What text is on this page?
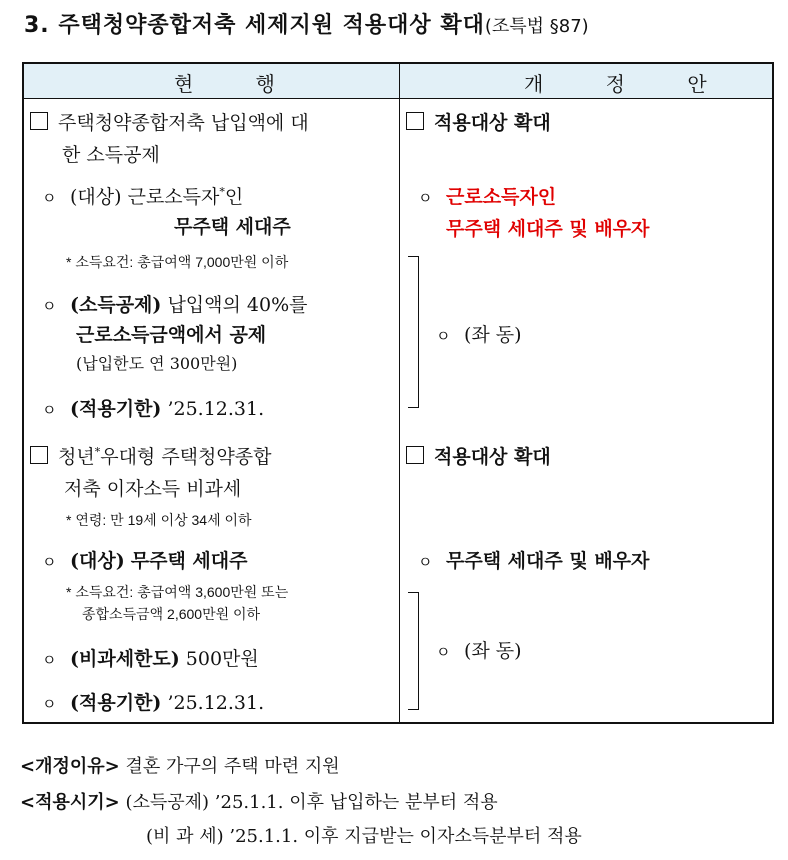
3. 주택청약종합저축 세제지원 적용대상 확대(조특법 §87)
현 행	개 정 안
주택청약종합저축 납입액에 대
한 소득공제
ㅇ (대상) 근로소득자*인
무주택 세대주
* 소득요건: 총급여액 7,000만원 이하
ㅇ (소득공제) 납입액의 40%를
근로소득금액에서 공제
(납입한도 연 300만원)
ㅇ (적용기한) ’25.12.31.
적용대상 확대
ㅇ 근로소득자인
무주택 세대주 및 배우자
ㅇ (좌 동)
청년*우대형 주택청약종합
저축 이자소득 비과세
* 연령: 만 19세 이상 34세 이하
ㅇ (대상) 무주택 세대주
* 소득요건: 총급여액 3,600만원 또는
종합소득금액 2,600만원 이하
ㅇ (비과세한도) 500만원
ㅇ (적용기한) ’25.12.31.
적용대상 확대
ㅇ 무주택 세대주 및 배우자
ㅇ (좌 동)
<개정이유> 결혼 가구의 주택 마련 지원
<적용시기> (소득공제) ’25.1.1. 이후 납입하는 분부터 적용
(비 과 세) ’25.1.1. 이후 지급받는 이자소득분부터 적용
